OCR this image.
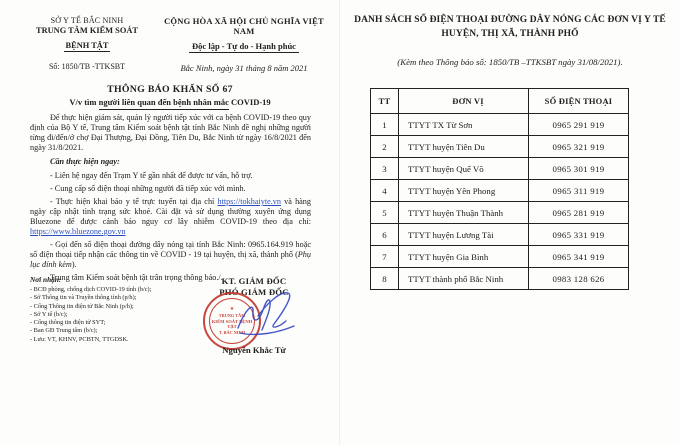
SỞ Y TẾ BẮC NINH
TRUNG TÂM KIỂM SOÁT
BỆNH TẬT
Số: 1850/TB -TTKSBT
CỘNG HÒA XÃ HỘI CHỦ NGHĨA VIỆT NAM
Độc lập - Tự do - Hạnh phúc
Bắc Ninh, ngày 31 tháng 8 năm 2021
THÔNG BÁO KHẨN SỐ 67
V/v tìm người liên quan đến bệnh nhân mắc COVID-19

Để thực hiện giám sát, quản lý người tiếp xúc với ca bệnh COVID-19 theo quy định của Bộ Y tế, Trung tâm Kiểm soát bệnh tật tỉnh Bắc Ninh đề nghị những người từng đi/đến/ở chợ Đại Thượng, Đại Đồng, Tiên Du, Bắc Ninh từ ngày 16/8/2021 đến ngày 31/8/2021.

Cần thực hiện ngay:

- Liên hệ ngay đến Trạm Y tế gần nhất để được tư vấn, hỗ trợ.

- Cung cấp số điện thoại những người đã tiếp xúc với mình.

- Thực hiện khai báo y tế trực tuyến tại địa chỉ https://tokhaiyte.vn và hàng ngày cập nhật tình trạng sức khoẻ. Cài đặt và sử dụng thường xuyên ứng dụng Bluezone để được cảnh báo nguy cơ lây nhiễm COVID-19 theo địa chỉ: https://www.bluezone.gov.vn

- Gọi đến số điện thoại đường dây nóng tại tỉnh Bắc Ninh: 0965.164.919 hoặc số điện thoại tiếp nhận các thông tin về COVID - 19 tại huyện, thị xã, thành phố (Phụ lục đính kèm).

Trung tâm Kiểm soát bệnh tật trân trọng thông báo./.

Nơi nhận:
- BCĐ phòng, chống dịch COVID-19 tỉnh (b/c);
- Sở Thông tin và Truyền thông tỉnh (p/h);
- Cổng Thông tin điện tử Bắc Ninh (p/h);
- Sở Y tế (b/c);
- Cổng thông tin điện tử SYT;
- Ban GĐ Trung tâm (b/c);
- Lưu: VT, KHNV, PCBTN, TTGDSK.
KT. GIÁM ĐỐC
PHÓ GIÁM ĐỐC
★
TRUNG TÂM
KIỂM SOÁT BỆNH TẬT
T. BẮC NINH
Nguyễn Khắc Từ
DANH SÁCH SỐ ĐIỆN THOẠI ĐƯỜNG DÂY NÓNG CÁC ĐƠN VỊ Y TẾ
HUYỆN, THỊ XÃ, THÀNH PHỐ
(Kèm theo Thông báo số: 1850/TB –TTKSBT ngày 31/08/2021).
TT	ĐƠN VỊ	SỐ ĐIỆN THOẠI
1	TTYT TX Từ Sơn	0965 291 919
2	TTYT huyện Tiên Du	0965 321 919
3	TTYT huyện Quế Võ	0965 301 919
4	TTYT huyện Yên Phong	0965 311 919
5	TTYT huyện Thuận Thành	0965 281 919
6	TTYT huyện Lương Tài	0965 331 919
7	TTYT huyện Gia Bình	0965 341 919
8	TTYT thành phố Bắc Ninh	0983 128 626
